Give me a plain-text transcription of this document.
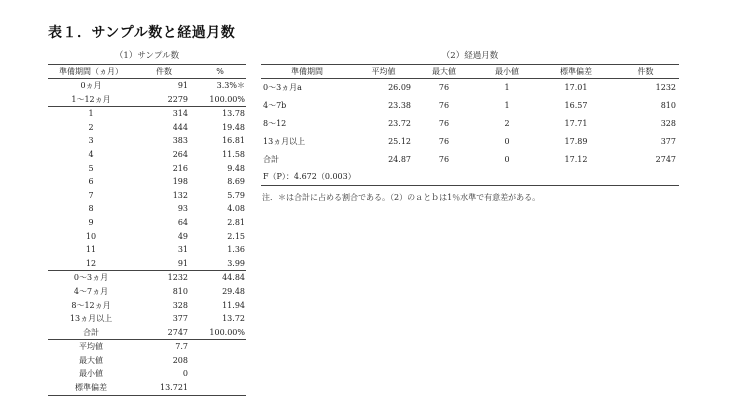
表１．サンプル数と経過月数
（1）サンプル数
準備期間（ヵ月）	件数	%
0ヵ月	91	3.3%＊
1～12ヵ月	2279	100.00%
1	314	13.78
2	444	19.48
3	383	16.81
4	264	11.58
5	216	9.48
6	198	8.69
7	132	5.79
8	93	4.08
9	64	2.81
10	49	2.15
11	31	1.36
12	91	3.99
0～3ヵ月	1232	44.84
4～7ヵ月	810	29.48
8～12ヵ月	328	11.94
13ヵ月以上	377	13.72
合計	2747	100.00%
平均値	7.7	
最大値	208	
最小値	0	
標準偏差	13.721	
（2）経過月数
準備期間	平均値	最大値	最小値	標準偏差	件数
0～3ヵ月a	26.09	76	1	17.01	1232
4～7b	23.38	76	1	16.57	810
8～12	23.72	76	2	17.71	328
13ヵ月以上	25.12	76	0	17.89	377
合計	24.87	76	0	17.12	2747
F（P）：4.672（0.003）					
注．＊は合計に占める割合である。（2）のａとｂは1％水準で有意差がある。
